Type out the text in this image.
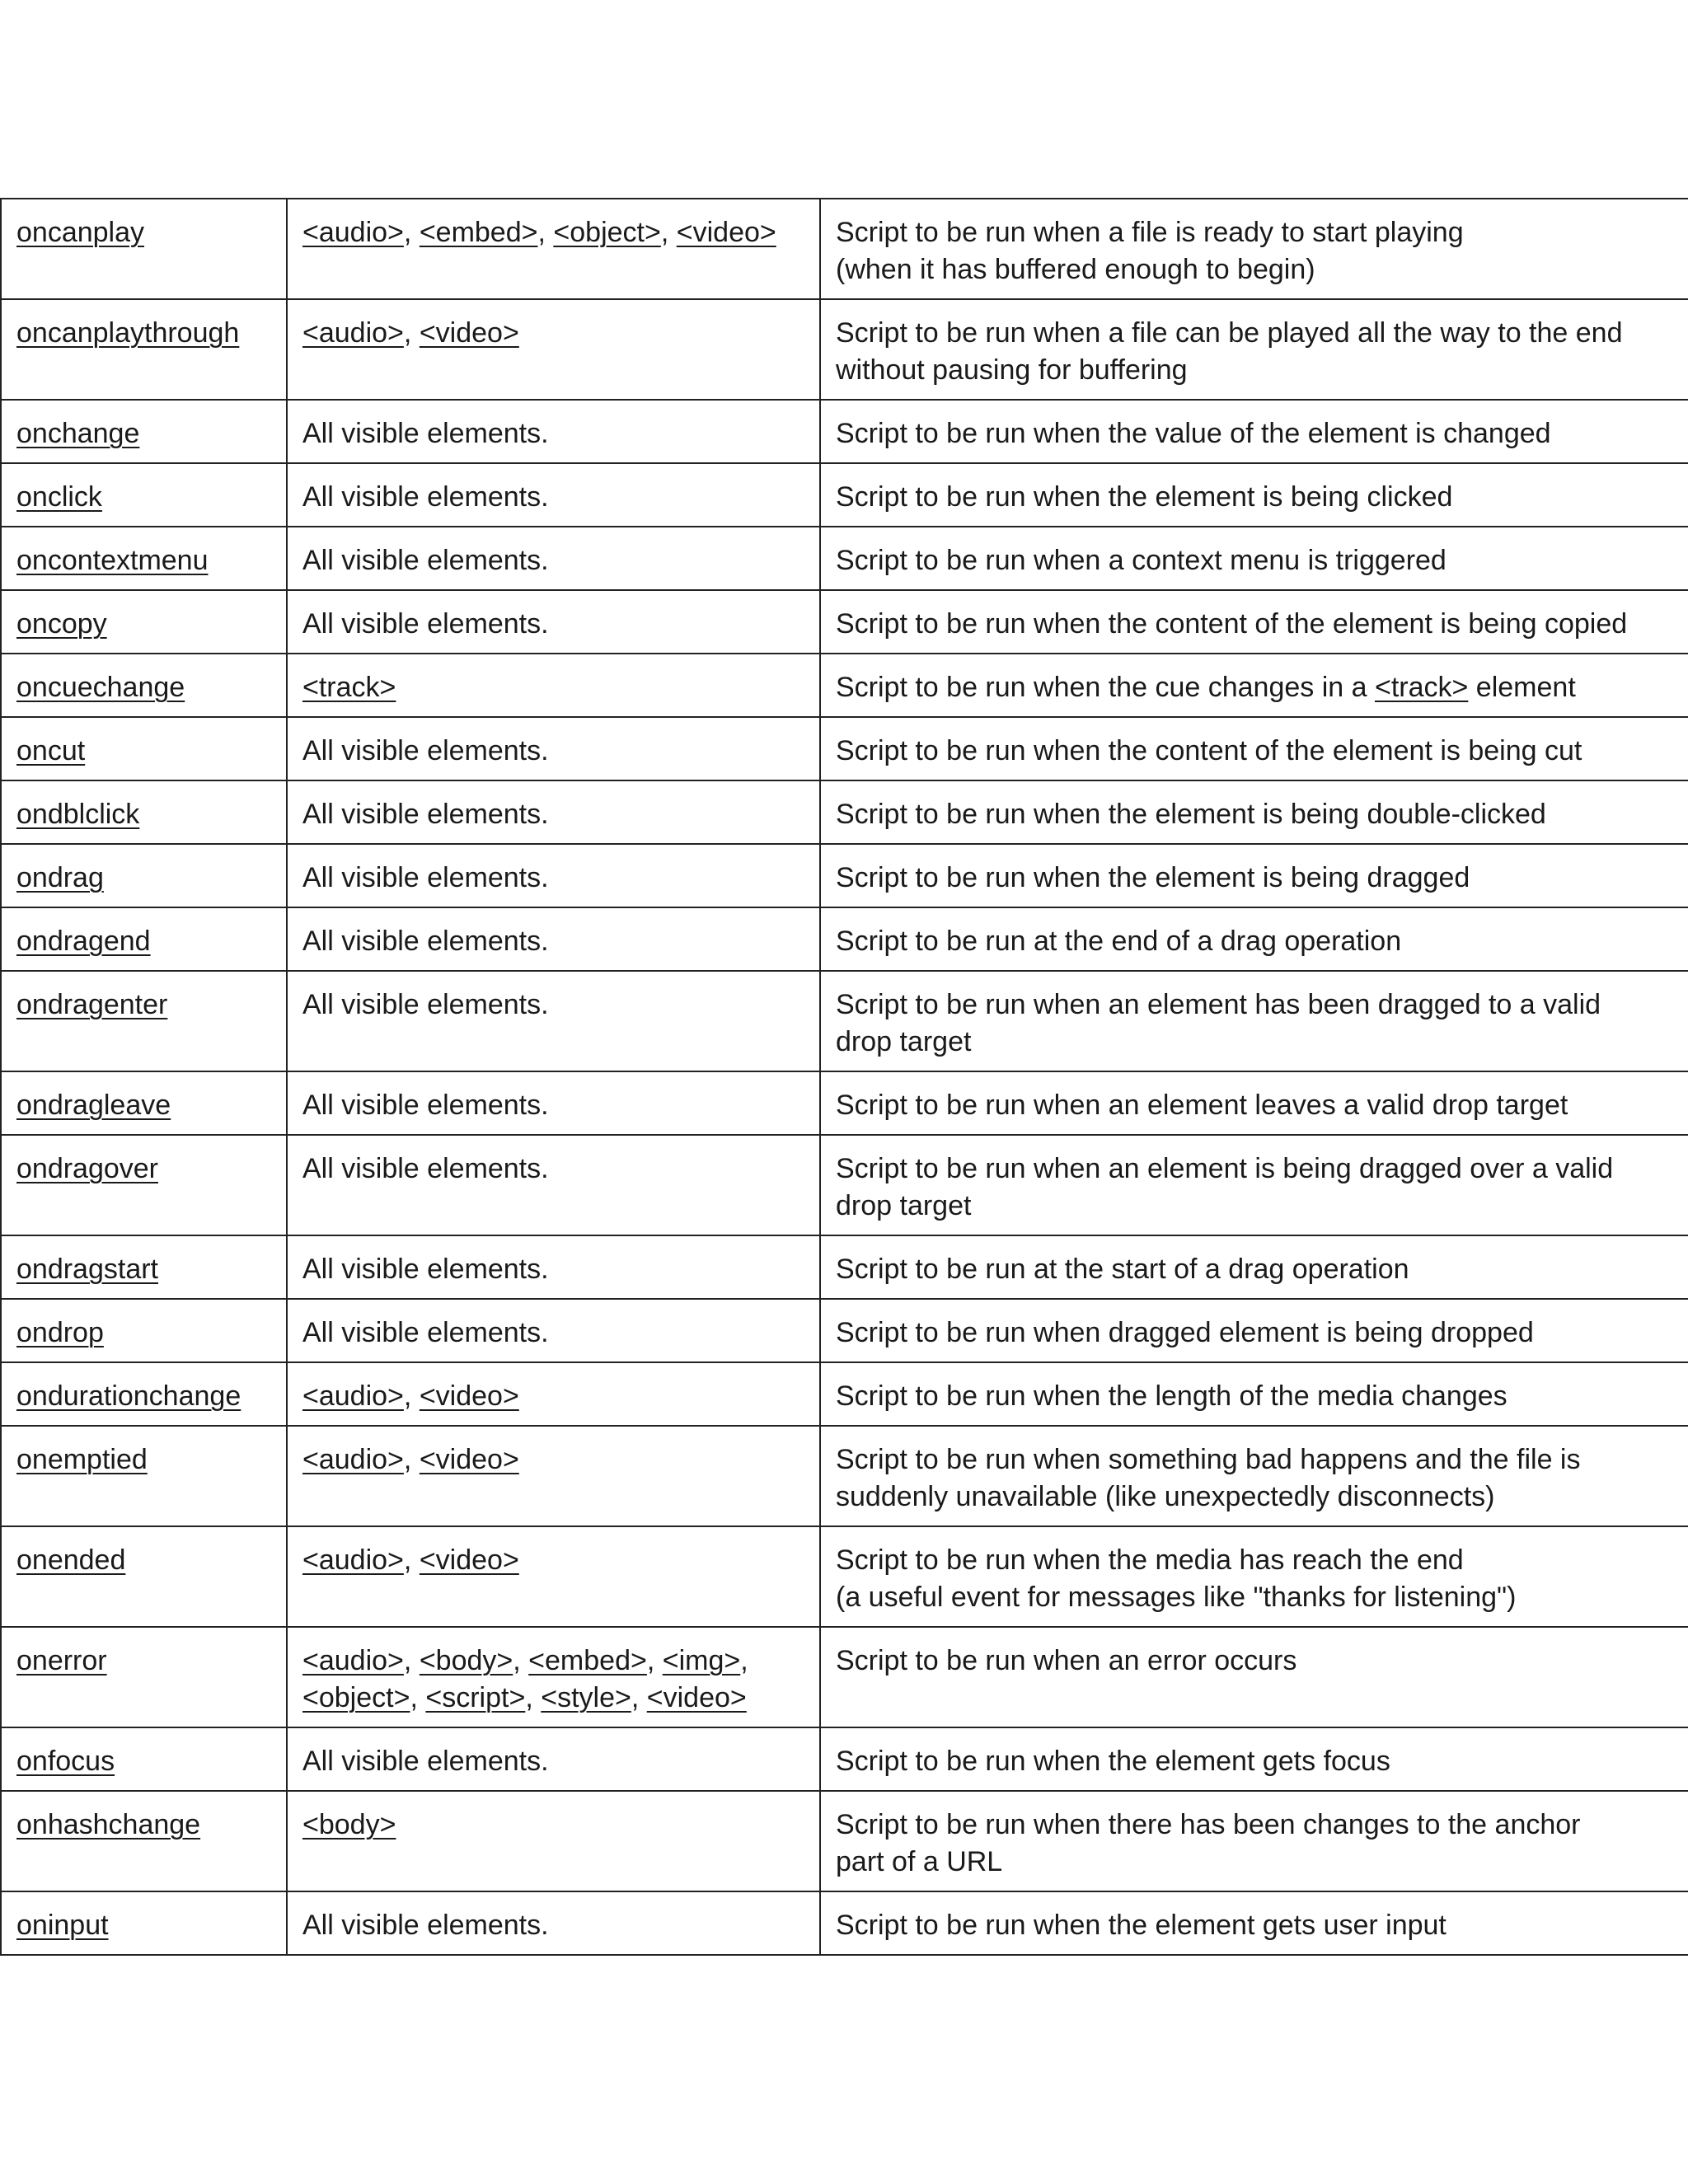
oncanplay	<audio>, <embed>, <object>, <video>	Script to be run when a file is ready to start playing
(when it has buffered enough to begin)

oncanplaythrough	<audio>, <video>	Script to be run when a file can be played all the way to the end
without pausing for buffering

onchange	All visible elements.	Script to be run when the value of the element is changed

onclick	All visible elements.	Script to be run when the element is being clicked

oncontextmenu	All visible elements.	Script to be run when a context menu is triggered

oncopy	All visible elements.	Script to be run when the content of the element is being copied

oncuechange	<track>	Script to be run when the cue changes in a <track> element

oncut	All visible elements.	Script to be run when the content of the element is being cut

ondblclick	All visible elements.	Script to be run when the element is being double-clicked

ondrag	All visible elements.	Script to be run when the element is being dragged

ondragend	All visible elements.	Script to be run at the end of a drag operation

ondragenter	All visible elements.	Script to be run when an element has been dragged to a valid
drop target

ondragleave	All visible elements.	Script to be run when an element leaves a valid drop target

ondragover	All visible elements.	Script to be run when an element is being dragged over a valid
drop target

ondragstart	All visible elements.	Script to be run at the start of a drag operation

ondrop	All visible elements.	Script to be run when dragged element is being dropped

ondurationchange	<audio>, <video>	Script to be run when the length of the media changes

onemptied	<audio>, <video>	Script to be run when something bad happens and the file is
suddenly unavailable (like unexpectedly disconnects)

onended	<audio>, <video>	Script to be run when the media has reach the end
(a useful event for messages like "thanks for listening")

onerror	<audio>, <body>, <embed>, <img>,
<object>, <script>, <style>, <video>	Script to be run when an error occurs

onfocus	All visible elements.	Script to be run when the element gets focus

onhashchange	<body>	Script to be run when there has been changes to the anchor
part of a URL

oninput	All visible elements.	Script to be run when the element gets user input
